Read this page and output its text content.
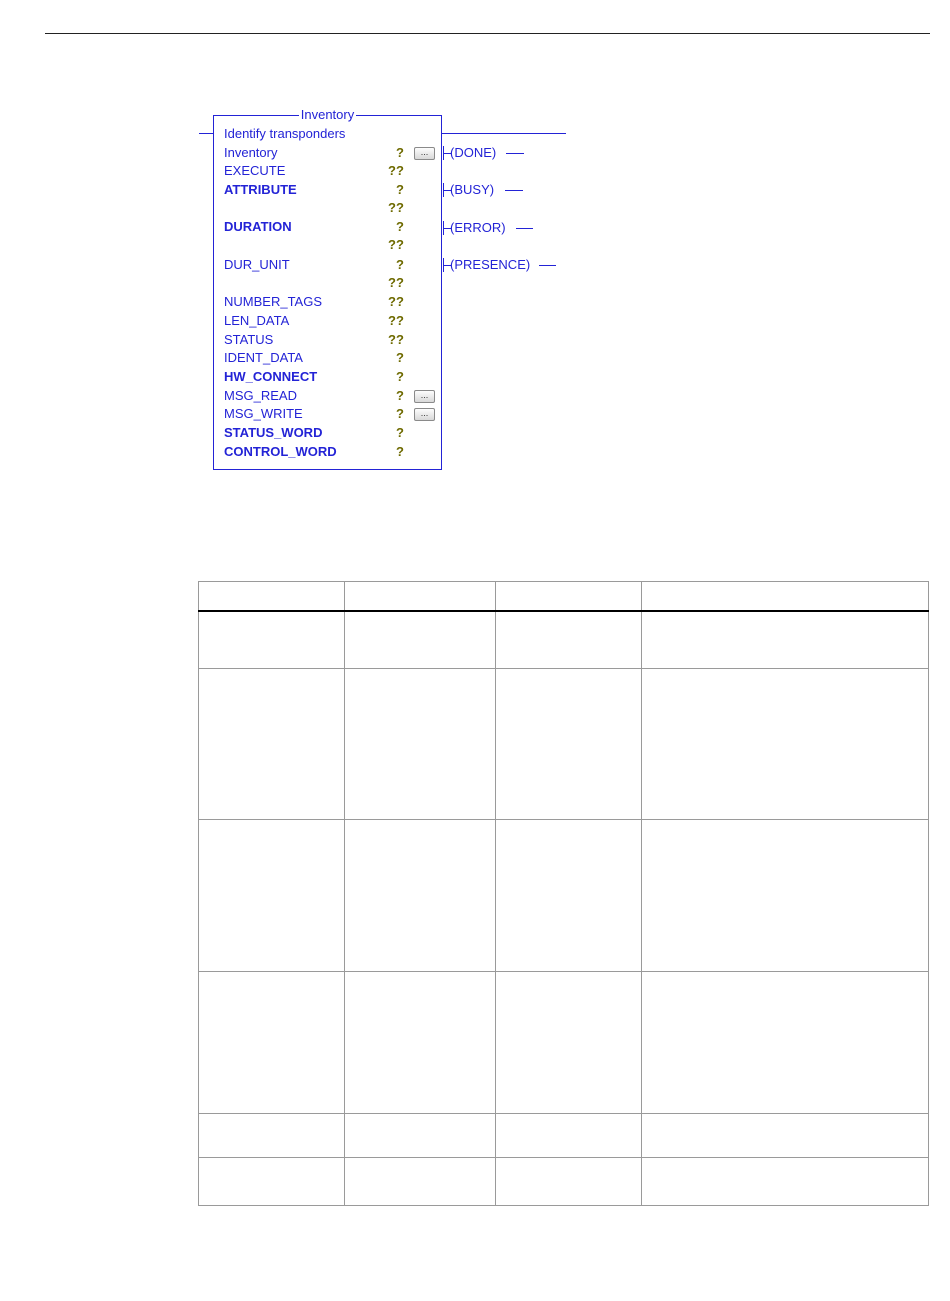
Inventory
Identify transponders
Inventory	?	...
EXECUTE	??
ATTRIBUTE	?
??
DURATION	?
??
DUR_UNIT	?
??
NUMBER_TAGS	??
LEN_DATA	??
STATUS	??
IDENT_DATA	?
HW_CONNECT	?
MSG_READ	?	...
MSG_WRITE	?	...
STATUS_WORD	?
CONTROL_WORD	?
(DONE)
(BUSY)
(ERROR)
(PRESENCE)
